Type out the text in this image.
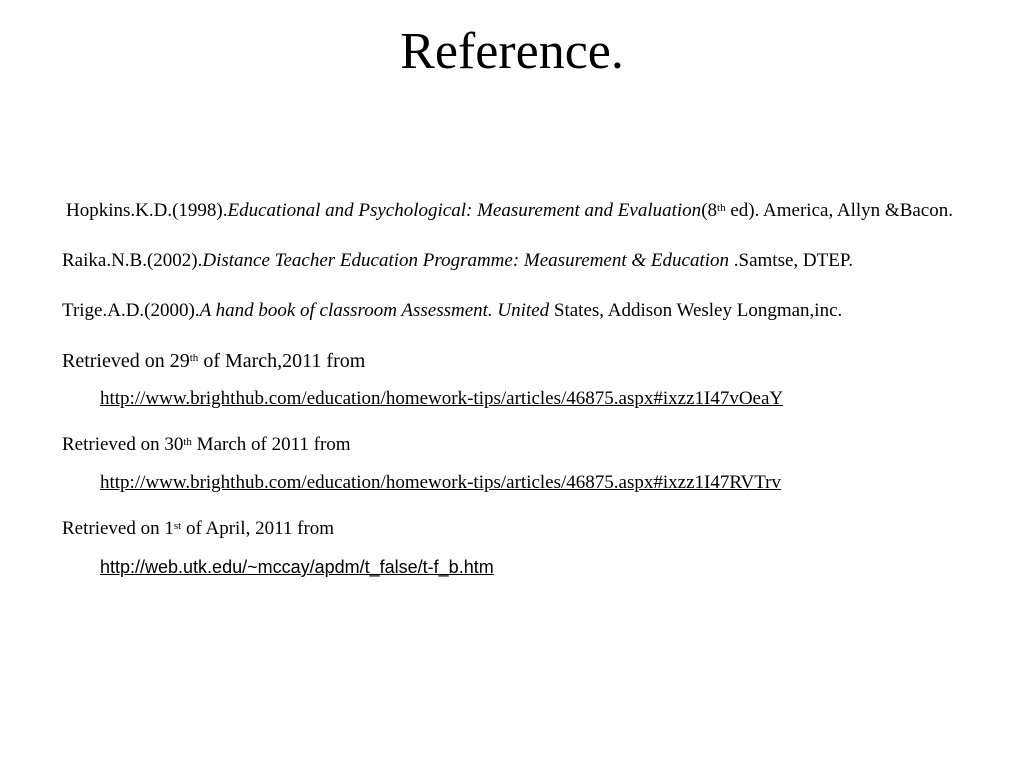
Reference.

Hopkins.K.D.(1998).Educational and Psychological: Measurement and Evaluation(8th ed). America, Allyn &Bacon.

Raika.N.B.(2002).Distance Teacher Education Programme: Measurement & Education .Samtse, DTEP.

Trige.A.D.(2000).A hand book of classroom Assessment. United States, Addison Wesley Longman,inc.

Retrieved on 29th of March,2011 from

http://www.brighthub.com/education/homework-tips/articles/46875.aspx#ixzz1I47vOeaY

Retrieved on 30th March of 2011 from

http://www.brighthub.com/education/homework-tips/articles/46875.aspx#ixzz1I47RVTrv

Retrieved on 1st of April, 2011 from

http://web.utk.edu/~mccay/apdm/t_false/t-f_b.htm
